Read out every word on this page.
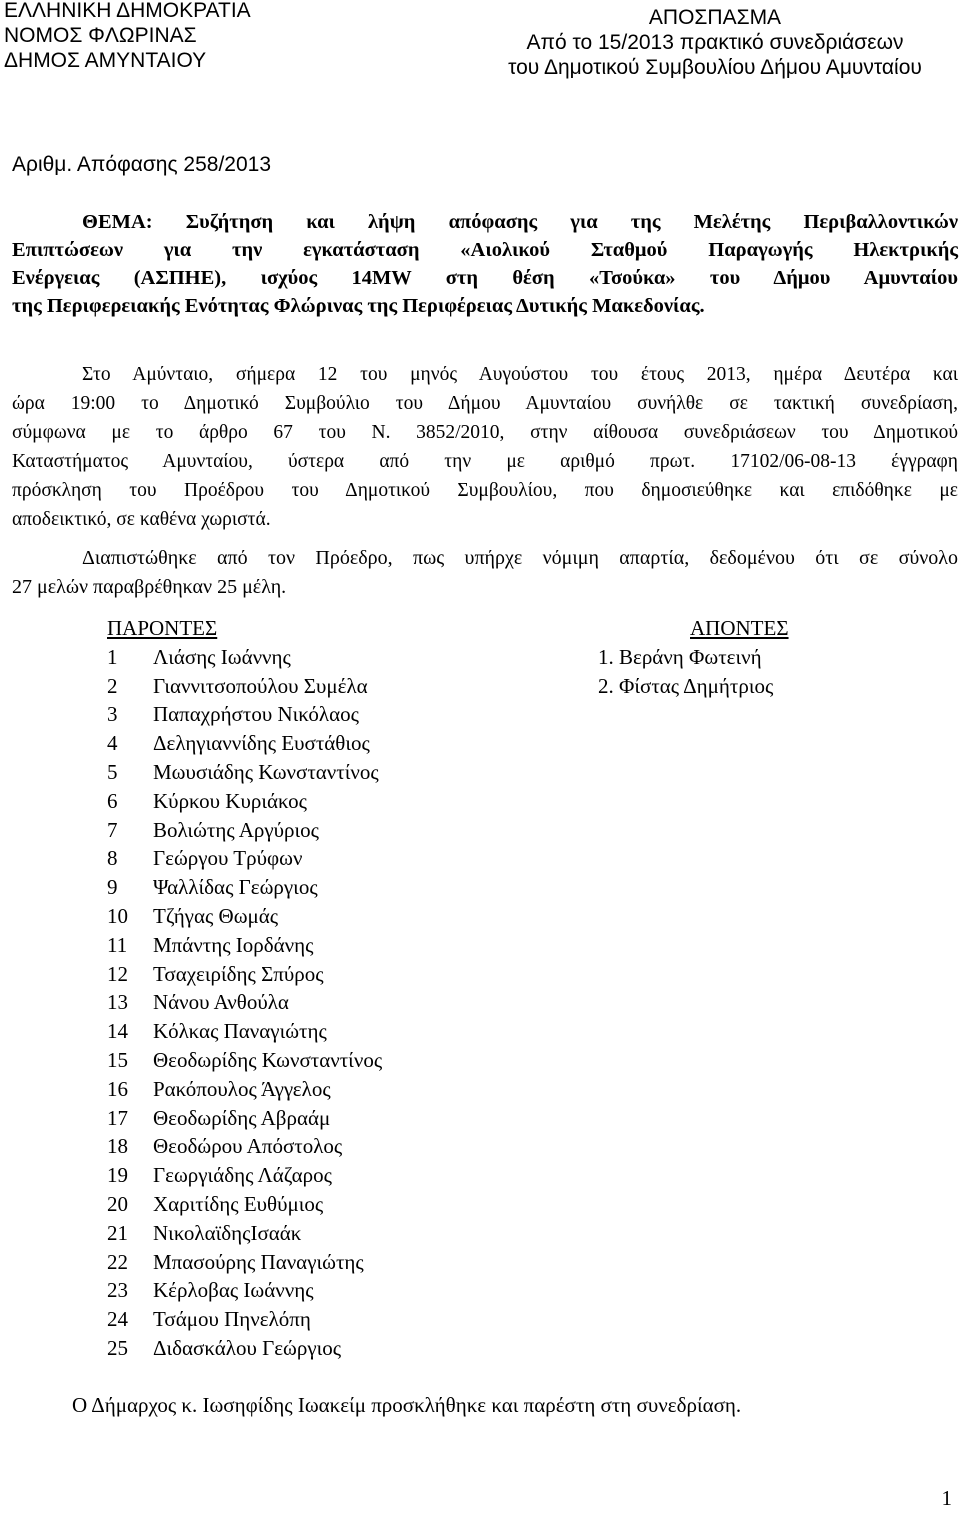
ΕΛΛΗΝΙΚΗ ΔΗΜΟΚΡΑΤΙΑ
ΝΟΜΟΣ ΦΛΩΡΙΝΑΣ
ΔΗΜΟΣ ΑΜΥΝΤΑΙΟΥ
ΑΠΟΣΠΑΣΜΑ
Από το 15/2013 πρακτικό συνεδριάσεων
του Δημοτικού Συμβουλίου Δήμου Αμυνταίου
Αριθμ. Απόφασης 258/2013

ΘΕΜΑ: Συζήτηση και λήψη απόφασης για της Μελέτης Περιβαλλοντικών

Επιπτώσεων για την εγκατάσταση «Αιολικού Σταθμού Παραγωγής Ηλεκτρικής

Ενέργειας (ΑΣΠΗΕ), ισχύος 14MW στη θέση «Τσούκα» του Δήμου Αμυνταίου

της Περιφερειακής Ενότητας Φλώρινας της Περιφέρειας Δυτικής Μακεδονίας.

Στο Αμύνταιο, σήμερα 12 του μηνός Αυγούστου του έτους 2013, ημέρα Δευτέρα και

ώρα 19:00 το Δημοτικό Συμβούλιο του Δήμου Αμυνταίου συνήλθε σε τακτική συνεδρίαση,

σύμφωνα με το άρθρο 67 του Ν. 3852/2010, στην αίθουσα συνεδριάσεων του Δημοτικού

Καταστήματος Αμυνταίου, ύστερα από την με αριθμό πρωτ. 17102/06-08-13 έγγραφη

πρόσκληση του Προέδρου του Δημοτικού Συμβουλίου, που δημοσιεύθηκε και επιδόθηκε με

αποδεικτικό, σε καθένα χωριστά.

Διαπιστώθηκε από τον Πρόεδρο, πως υπήρχε νόμιμη απαρτία, δεδομένου ότι σε σύνολο

27 μελών παραβρέθηκαν 25 μέλη.

ΠΑΡΟΝΤΕΣ
1 Λιάσης Ιωάννης
2 Γιαννιτσοπούλου Συμέλα
3 Παπαχρήστου Νικόλαος
4 Δεληγιαννίδης Ευστάθιος
5 Μωυσιάδης Κωνσταντίνος
6 Κύρκου Κυριάκος
7 Βολιώτης Αργύριος
8 Γεώργου Τρύφων
9 Ψαλλίδας Γεώργιος
10 Τζήγας Θωμάς
11 Μπάντης Ιορδάνης
12 Τσαχειρίδης Σπύρος
13 Νάνου Ανθούλα
14 Κόλκας Παναγιώτης
15 Θεοδωρίδης Κωνσταντίνος
16 Ρακόπουλος Άγγελος
17 Θεοδωρίδης Αβραάμ
18 Θεοδώρου Απόστολος
19 Γεωργιάδης Λάζαρος
20 Χαριτίδης Ευθύμιος
21 ΝικολαϊδηςΙσαάκ
22 Μπασούρης Παναγιώτης
23 Κέρλοβας Ιωάννης
24 Τσάμου Πηνελόπη
25 Διδασκάλου Γεώργιος
ΑΠΟΝΤΕΣ
1. Βεράνη Φωτεινή
2. Φίστας Δημήτριος
Ο Δήμαρχος κ. Ιωσηφίδης Ιωακείμ προσκλήθηκε και παρέστη στη συνεδρίαση.
1
